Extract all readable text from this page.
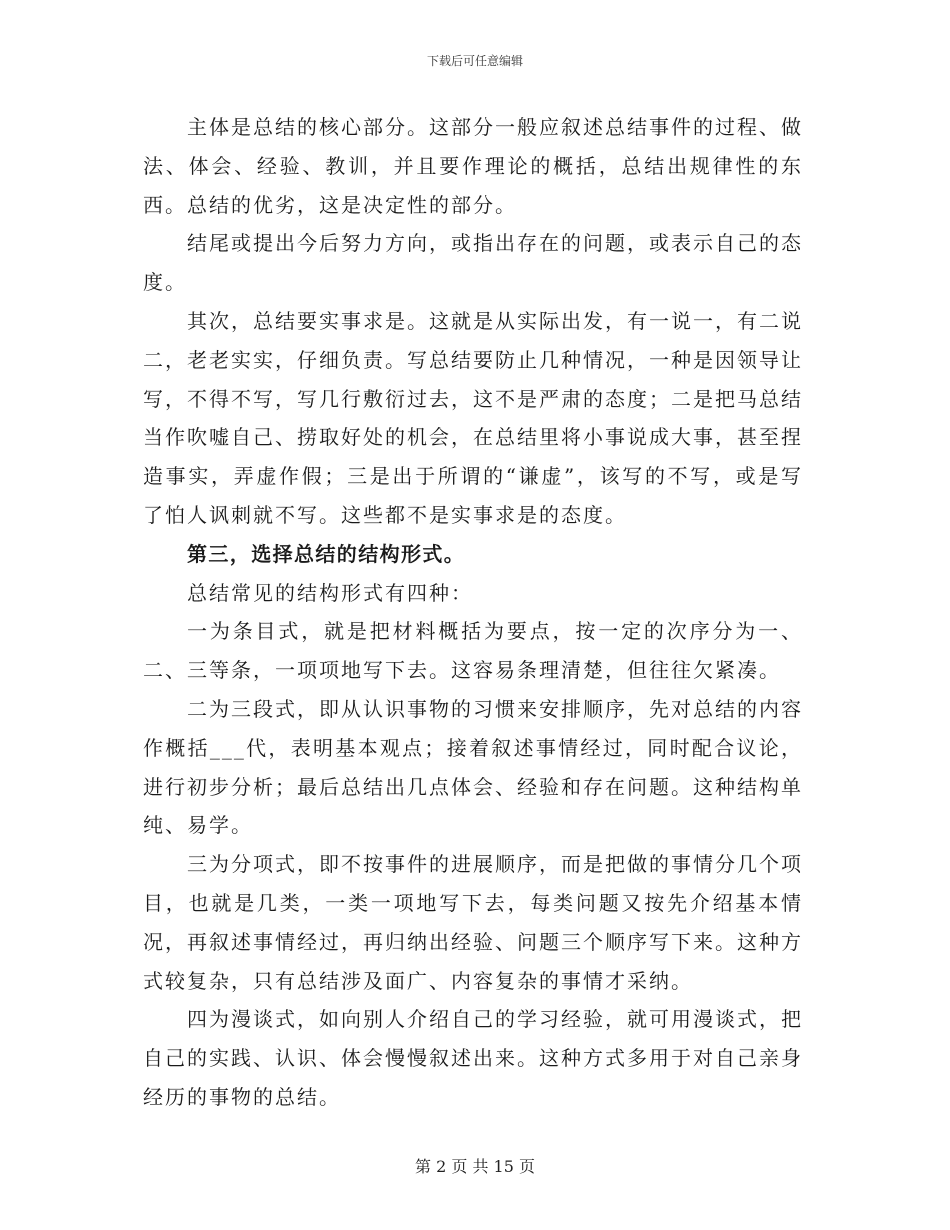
下载后可任意编辑

主体是总结的核心部分。这部分一般应叙述总结事件的过程、做法、体会、经验、教训，并且要作理论的概括，总结出规律性的东西。总结的优劣，这是决定性的部分。

结尾或提出今后努力方向，或指出存在的问题，或表示自己的态度。

其次，总结要实事求是。这就是从实际出发，有一说一，有二说二，老老实实，仔细负责。写总结要防止几种情况，一种是因领导让写，不得不写，写几行敷衍过去，这不是严肃的态度；二是把马总结当作吹嘘自己、捞取好处的机会，在总结里将小事说成大事，甚至捏造事实，弄虚作假；三是出于所谓的“谦虚”，该写的不写，或是写了怕人讽刺就不写。这些都不是实事求是的态度。

第三，选择总结的结构形式。

总结常见的结构形式有四种：

一为条目式，就是把材料概括为要点，按一定的次序分为一、二、三等条，一项项地写下去。这容易条理清楚，但往往欠紧凑。

二为三段式，即从认识事物的习惯来安排顺序，先对总结的内容作概括___代，表明基本观点；接着叙述事情经过，同时配合议论，进行初步分析；最后总结出几点体会、经验和存在问题。这种结构单纯、易学。

三为分项式，即不按事件的进展顺序，而是把做的事情分几个项目，也就是几类，一类一项地写下去，每类问题又按先介绍基本情况，再叙述事情经过，再归纳出经验、问题三个顺序写下来。这种方式较复杂，只有总结涉及面广、内容复杂的事情才采纳。

四为漫谈式，如向别人介绍自己的学习经验，就可用漫谈式，把自己的实践、认识、体会慢慢叙述出来。这种方式多用于对自己亲身经历的事物的总结。

第 2 页 共 15 页
